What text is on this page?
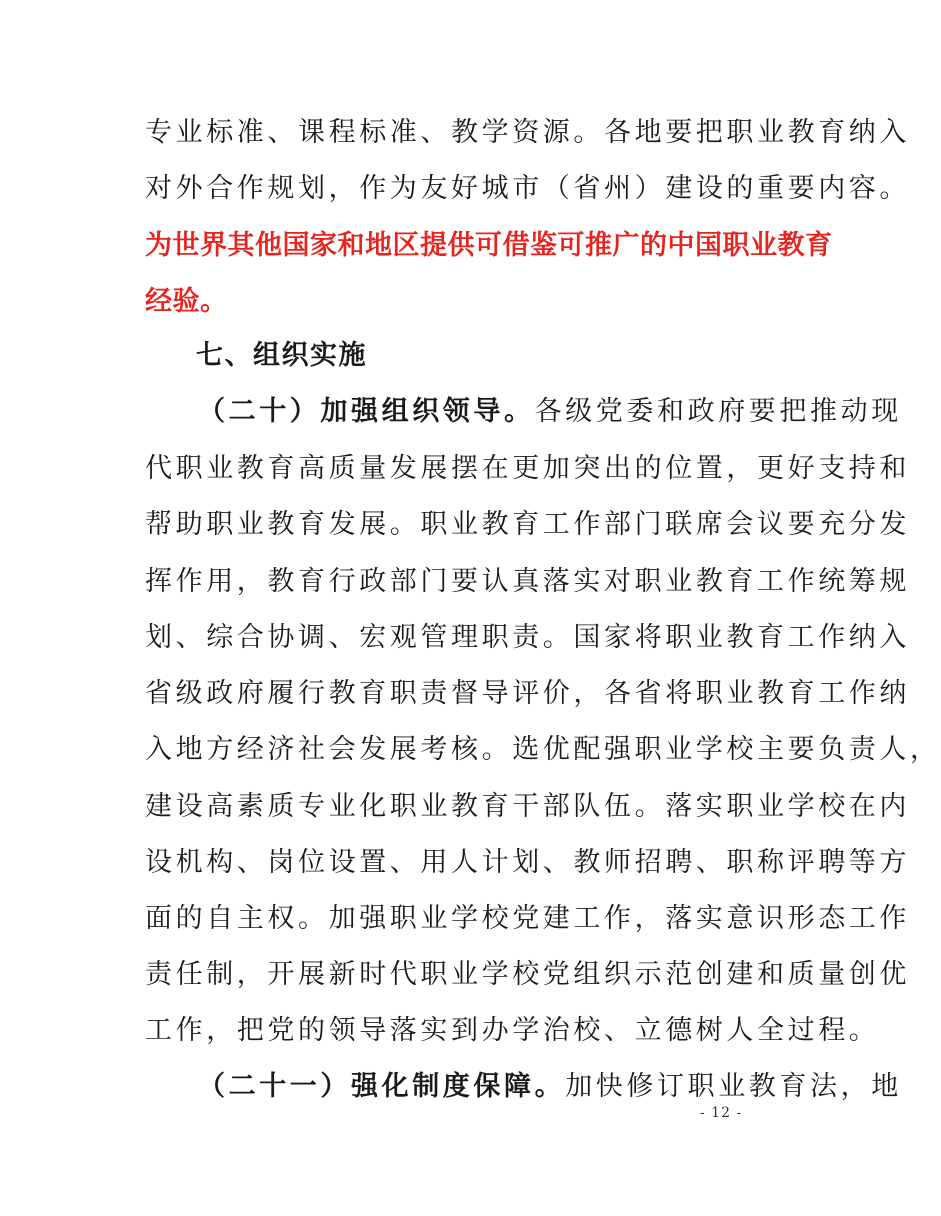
专业标准、课程标准、教学资源。各地要把职业教育纳入
对外合作规划，作为友好城市（省州）建设的重要内容。
为世界其他国家和地区提供可借鉴可推广的中国职业教育
经验。
七、组织实施
（二十）加强组织领导。各级党委和政府要把推动现
代职业教育高质量发展摆在更加突出的位置，更好支持和
帮助职业教育发展。职业教育工作部门联席会议要充分发
挥作用，教育行政部门要认真落实对职业教育工作统筹规
划、综合协调、宏观管理职责。国家将职业教育工作纳入
省级政府履行教育职责督导评价，各省将职业教育工作纳
入地方经济社会发展考核。选优配强职业学校主要负责人，
建设高素质专业化职业教育干部队伍。落实职业学校在内
设机构、岗位设置、用人计划、教师招聘、职称评聘等方
面的自主权。加强职业学校党建工作，落实意识形态工作
责任制，开展新时代职业学校党组织示范创建和质量创优
工作，把党的领导落实到办学治校、立德树人全过程。
（二十一）强化制度保障。加快修订职业教育法，地
- 12 -
